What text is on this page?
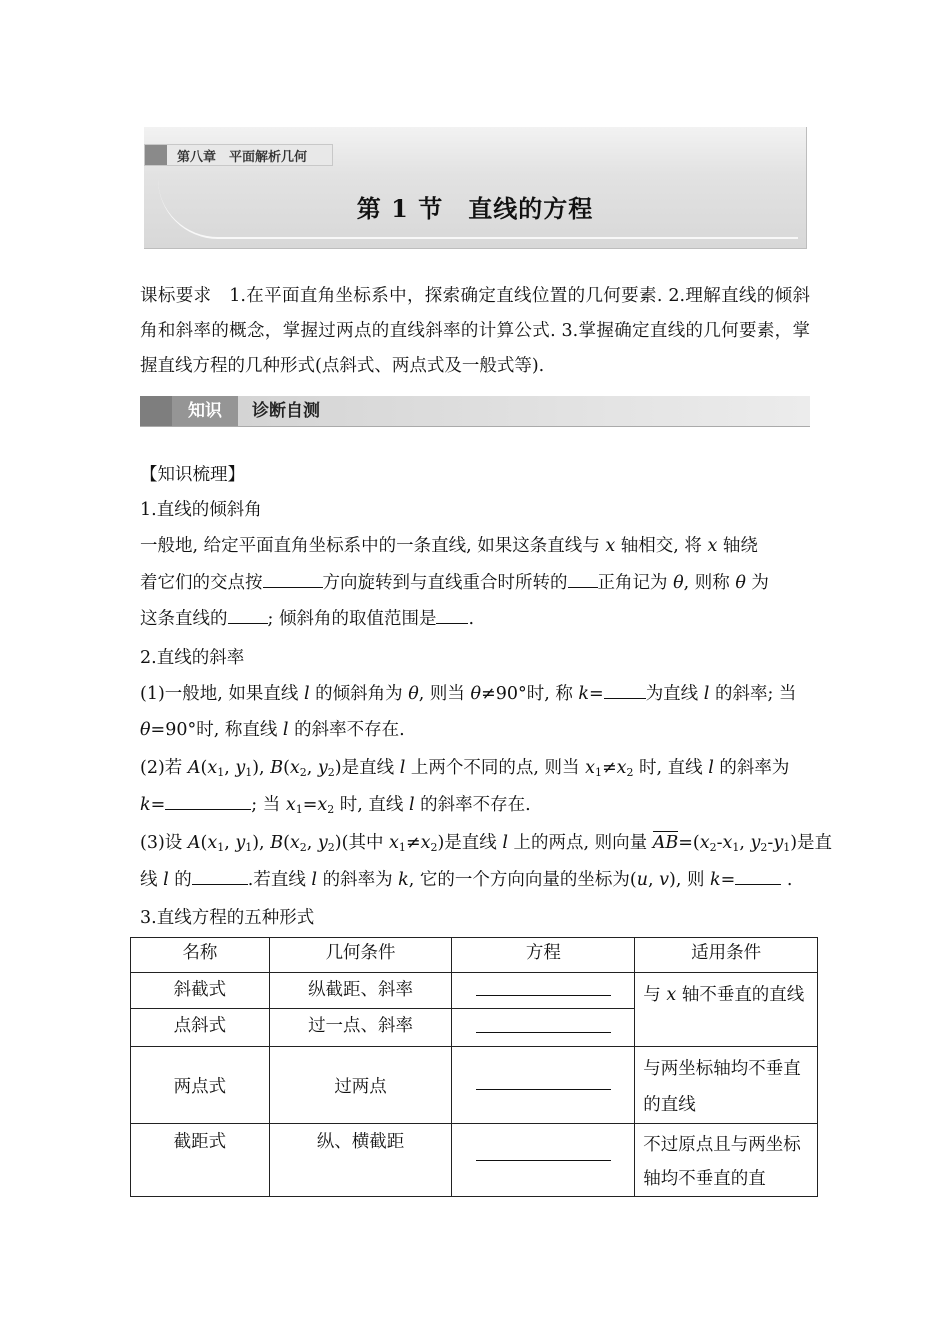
第八章　平面解析几何
第 1 节　直线的方程
课标要求　1.在平面直角坐标系中，探索确定直线位置的几何要素. 2.理解直线的倾斜角和斜率的概念，掌握过两点的直线斜率的计算公式. 3.掌握确定直线的几何要素，掌握直线方程的几种形式(点斜式、两点式及一般式等).
知识	诊断自测
【知识梳理】
1.直线的倾斜角
一般地, 给定平面直角坐标系中的一条直线, 如果这条直线与 x 轴相交, 将 x 轴绕
着它们的交点按	方向旋转到与直线重合时所转的 正角记为 θ, 则称 θ 为
这条直线的 ; 倾斜角的取值范围是 .
2.直线的斜率
(1)一般地, 如果直线 l 的倾斜角为 θ, 则当 θ≠90°时, 称 k= 为直线 l 的斜率; 当
θ=90°时, 称直线 l 的斜率不存在.
(2)若 $A(x_1$, $y_1$), $B(x_2$, $y_2$)是直线 l 上两个不同的点, 则当 $x_1\ne x_2$ 时, 直线 l 的斜率为
k=	; 当 $x_1=x_2$ 时, 直线 l 的斜率不存在.
(3)设 $A(x_1$, $y_1$), $B(x_2$, $y_2$)(其中 $x_1\ne x_2$)是直线 l 上的两点, 则向量
$AB=(x_2-x_1$, $y_2-y_1$)是直
线 l 的	.若直线 l 的斜率为 k, 它的一个方向向量的坐标为(u, v), 则 k=	.
3.直线方程的五种形式
名称	几何条件	方程	适用条件
斜截式	纵截距、斜率		与 x 轴不垂直的直线
点斜式	过一点、斜率		
两点式	过两点		与两坐标轴均不垂直的直线
截距式	纵、横截距		不过原点且与两坐标轴均不垂直的直
